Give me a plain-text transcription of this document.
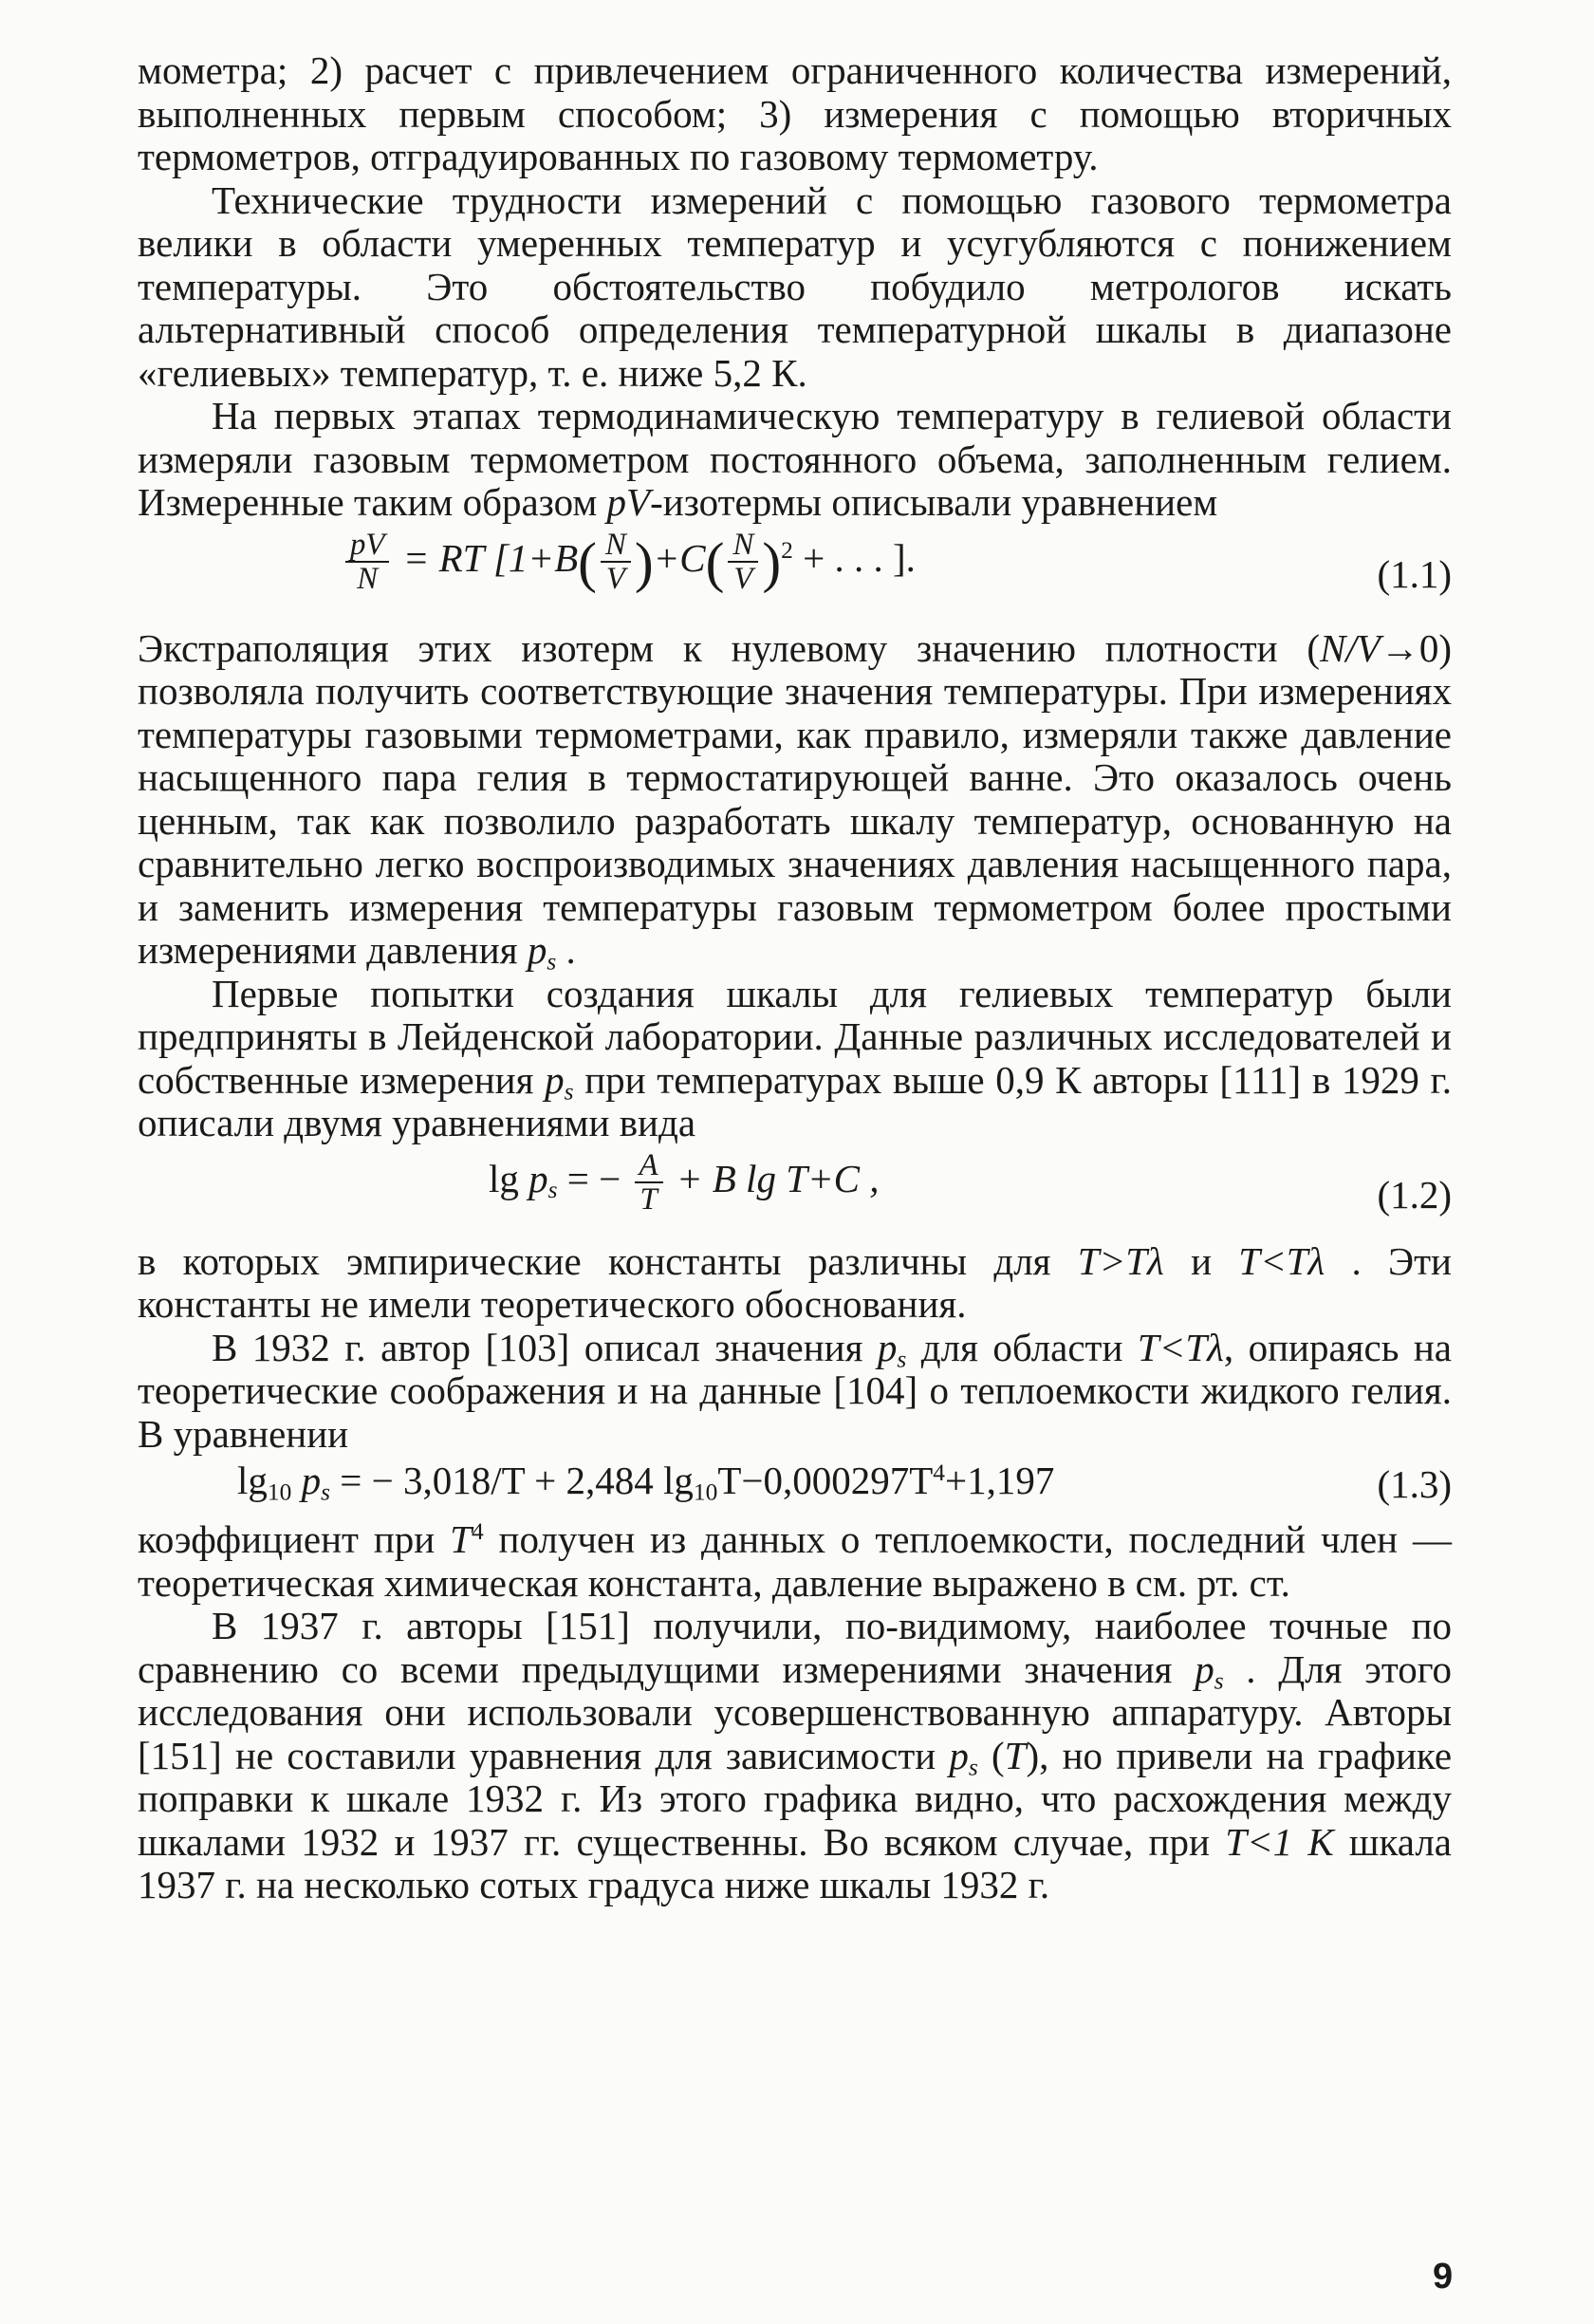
мометра; 2) расчет с привлечением ограниченного количества измерений, выполненных первым способом; 3) измерения с помощью вторичных термометров, отградуированных по газовому термометру.

Технические трудности измерений с помощью газового термометра велики в области умеренных температур и усугубляются с понижением температуры. Это обстоятельство побудило метрологов искать альтернативный способ определения температурной шкалы в диапазоне «гелиевых» температур, т. е. ниже 5,2 К.

На первых этапах термодинамическую температуру в гелиевой области измеряли газовым термометром постоянного объема, заполненным гелием. Измеренные таким образом pV-изотермы описывали уравнением

$\frac{pV}{N}$ = RT [$1+B( \frac{N}{V} )+C( \frac{N}{V} )^2$ + . . . ].	(1.1)

Экстраполяция этих изотерм к нулевому значению плотности (N/V→0) позволяла получить соответствующие значения температуры. При измерениях температуры газовыми термометрами, как правило, измеряли также давление насыщенного пара гелия в термостатирующей ванне. Это оказалось очень ценным, так как позволило разработать шкалу температур, основанную на сравнительно легко воспроизводимых значениях давления насыщенного пара, и заменить измерения температуры газовым термометром более простыми измерениями давления $p_s$ .

Первые попытки создания шкалы для гелиевых температур были предприняты в Лейденской лаборатории. Данные различных исследователей и собственные измерения $p_s$ при температурах выше 0,9 К авторы [111] в 1929 г. описали двумя уравнениями вида

$\lg p_s$ = − $\frac{A}{T} + B$ lg T+C ,	(1.2)

в которых эмпирические константы различны для T>Tλ и T<Tλ . Эти константы не имели теоретического обоснования.

В 1932 г. автор [103] описал значения $p_s$ для области T<Tλ, опираясь на теоретические соображения и на данные [104] о теплоемкости жидкого гелия. В уравнении

$\lg_{10} p_s$ = − 3,018/T + 2,484 $\lg_{10}T-0,000297T^4+1,197$	(1.3)

коэффициент при $T^4$ получен из данных о теплоемкости, последний член — теоретическая химическая константа, давление выражено в см. рт. ст.

В 1937 г. авторы [151] получили, по-видимому, наиболее точные по сравнению со всеми предыдущими измерениями значения $p_s$ . Для этого исследования они использовали усовершенствованную аппаратуру. Авторы [151] не составили уравнения для зависимости $p_s$ (T), но привели на графике поправки к шкале 1932 г. Из этого графика видно, что расхождения между шкалами 1932 и 1937 гг. существенны. Во всяком случае, при T<1 К шкала 1937 г. на несколько сотых градуса ниже шкалы 1932 г.

9
